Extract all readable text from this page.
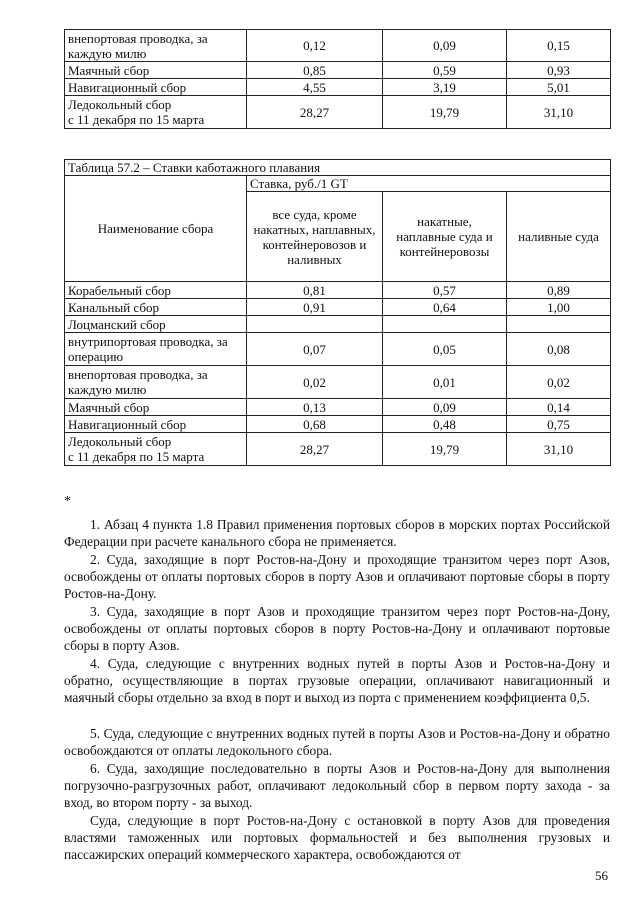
внепортовая проводка, за каждую милю	0,12	0,09	0,15
Маячный сбор	0,85	0,59	0,93
Навигационный сбор	4,55	3,19	5,01
Ледокольный сбор
с 11 декабря по 15 марта	28,27	19,79	31,10
Таблица 57.2 – Ставки каботажного плавания			
Наименование сбора	Ставка, руб./1 GT		
	все суда, кроме накатных, наплавных, контейнеровозов и наливных	накатные, наплавные суда и контейнеровозы	наливные суда
Корабельный сбор	0,81	0,57	0,89
Канальный сбор	0,91	0,64	1,00
Лоцманский сбор			
внутрипортовая проводка, за операцию	0,07	0,05	0,08
внепортовая проводка, за каждую милю	0,02	0,01	0,02
Маячный сбор	0,13	0,09	0,14
Навигационный сбор	0,68	0,48	0,75
Ледокольный сбор
с 11 декабря по 15 марта	28,27	19,79	31,10
*

1. Абзац 4 пункта 1.8 Правил применения портовых сборов в морских портах Российской Федерации при расчете канального сбора не применяется.

2. Суда, заходящие в порт Ростов-на-Дону и проходящие транзитом через порт Азов, освобождены от оплаты портовых сборов в порту Азов и оплачивают портовые сборы в порту Ростов-на-Дону.

3. Суда, заходящие в порт Азов и проходящие транзитом через порт Ростов-на-Дону, освобождены от оплаты портовых сборов в порту Ростов-на-Дону и оплачивают портовые сборы в порту Азов.

4. Суда, следующие с внутренних водных путей в порты Азов и Ростов-на-Дону и обратно, осуществляющие в портах грузовые операции, оплачивают навигационный и маячный сборы отдельно за вход в порт и выход из порта с применением коэффициента 0,5.

5. Суда, следующие с внутренних водных путей в порты Азов и Ростов-на-Дону и обратно освобождаются от оплаты ледокольного сбора.

6. Суда, заходящие последовательно в порты Азов и Ростов-на-Дону для выполнения погрузочно-разгрузочных работ, оплачивают ледокольный сбор в первом порту захода - за вход, во втором порту - за выход.

Суда, следующие в порт Ростов-на-Дону с остановкой в порту Азов для проведения властями таможенных или портовых формальностей и без выполнения грузовых и пассажирских операций коммерческого характера, освобождаются от

56
